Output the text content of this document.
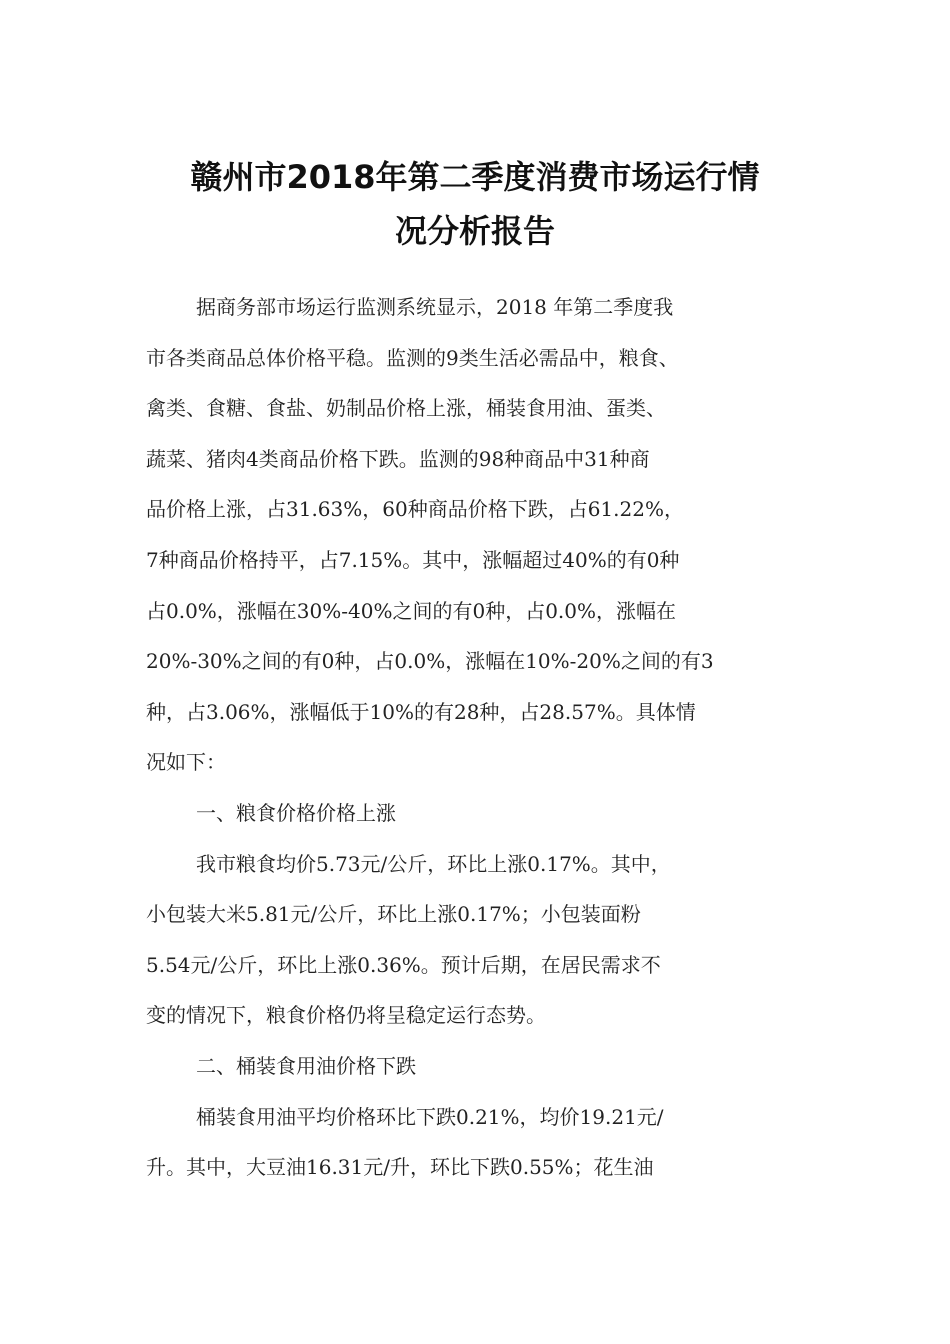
赣州市2018年第二季度消费市场运行情
况分析报告
据商务部市场运行监测系统显示，2018 年第二季度我
市各类商品总体价格平稳。监测的9类生活必需品中，粮食、
禽类、食糖、食盐、奶制品价格上涨，桶装食用油、蛋类、
蔬菜、猪肉4类商品价格下跌。监测的98种商品中31种商
品价格上涨，占31.63%，60种商品价格下跌，占61.22%，
7种商品价格持平，占7.15%。其中，涨幅超过40%的有0种
占0.0%，涨幅在30%-40%之间的有0种，占0.0%，涨幅在
20%-30%之间的有0种，占0.0%，涨幅在10%-20%之间的有3
种，占3.06%，涨幅低于10%的有28种，占28.57%。具体情
况如下：
一、粮食价格价格上涨
我市粮食均价5.73元/公斤，环比上涨0.17%。其中，
小包装大米5.81元/公斤，环比上涨0.17%；小包装面粉
5.54元/公斤，环比上涨0.36%。预计后期，在居民需求不
变的情况下，粮食价格仍将呈稳定运行态势。
二、桶装食用油价格下跌
桶装食用油平均价格环比下跌0.21%，均价19.21元/
升。其中，大豆油16.31元/升，环比下跌0.55%；花生油
